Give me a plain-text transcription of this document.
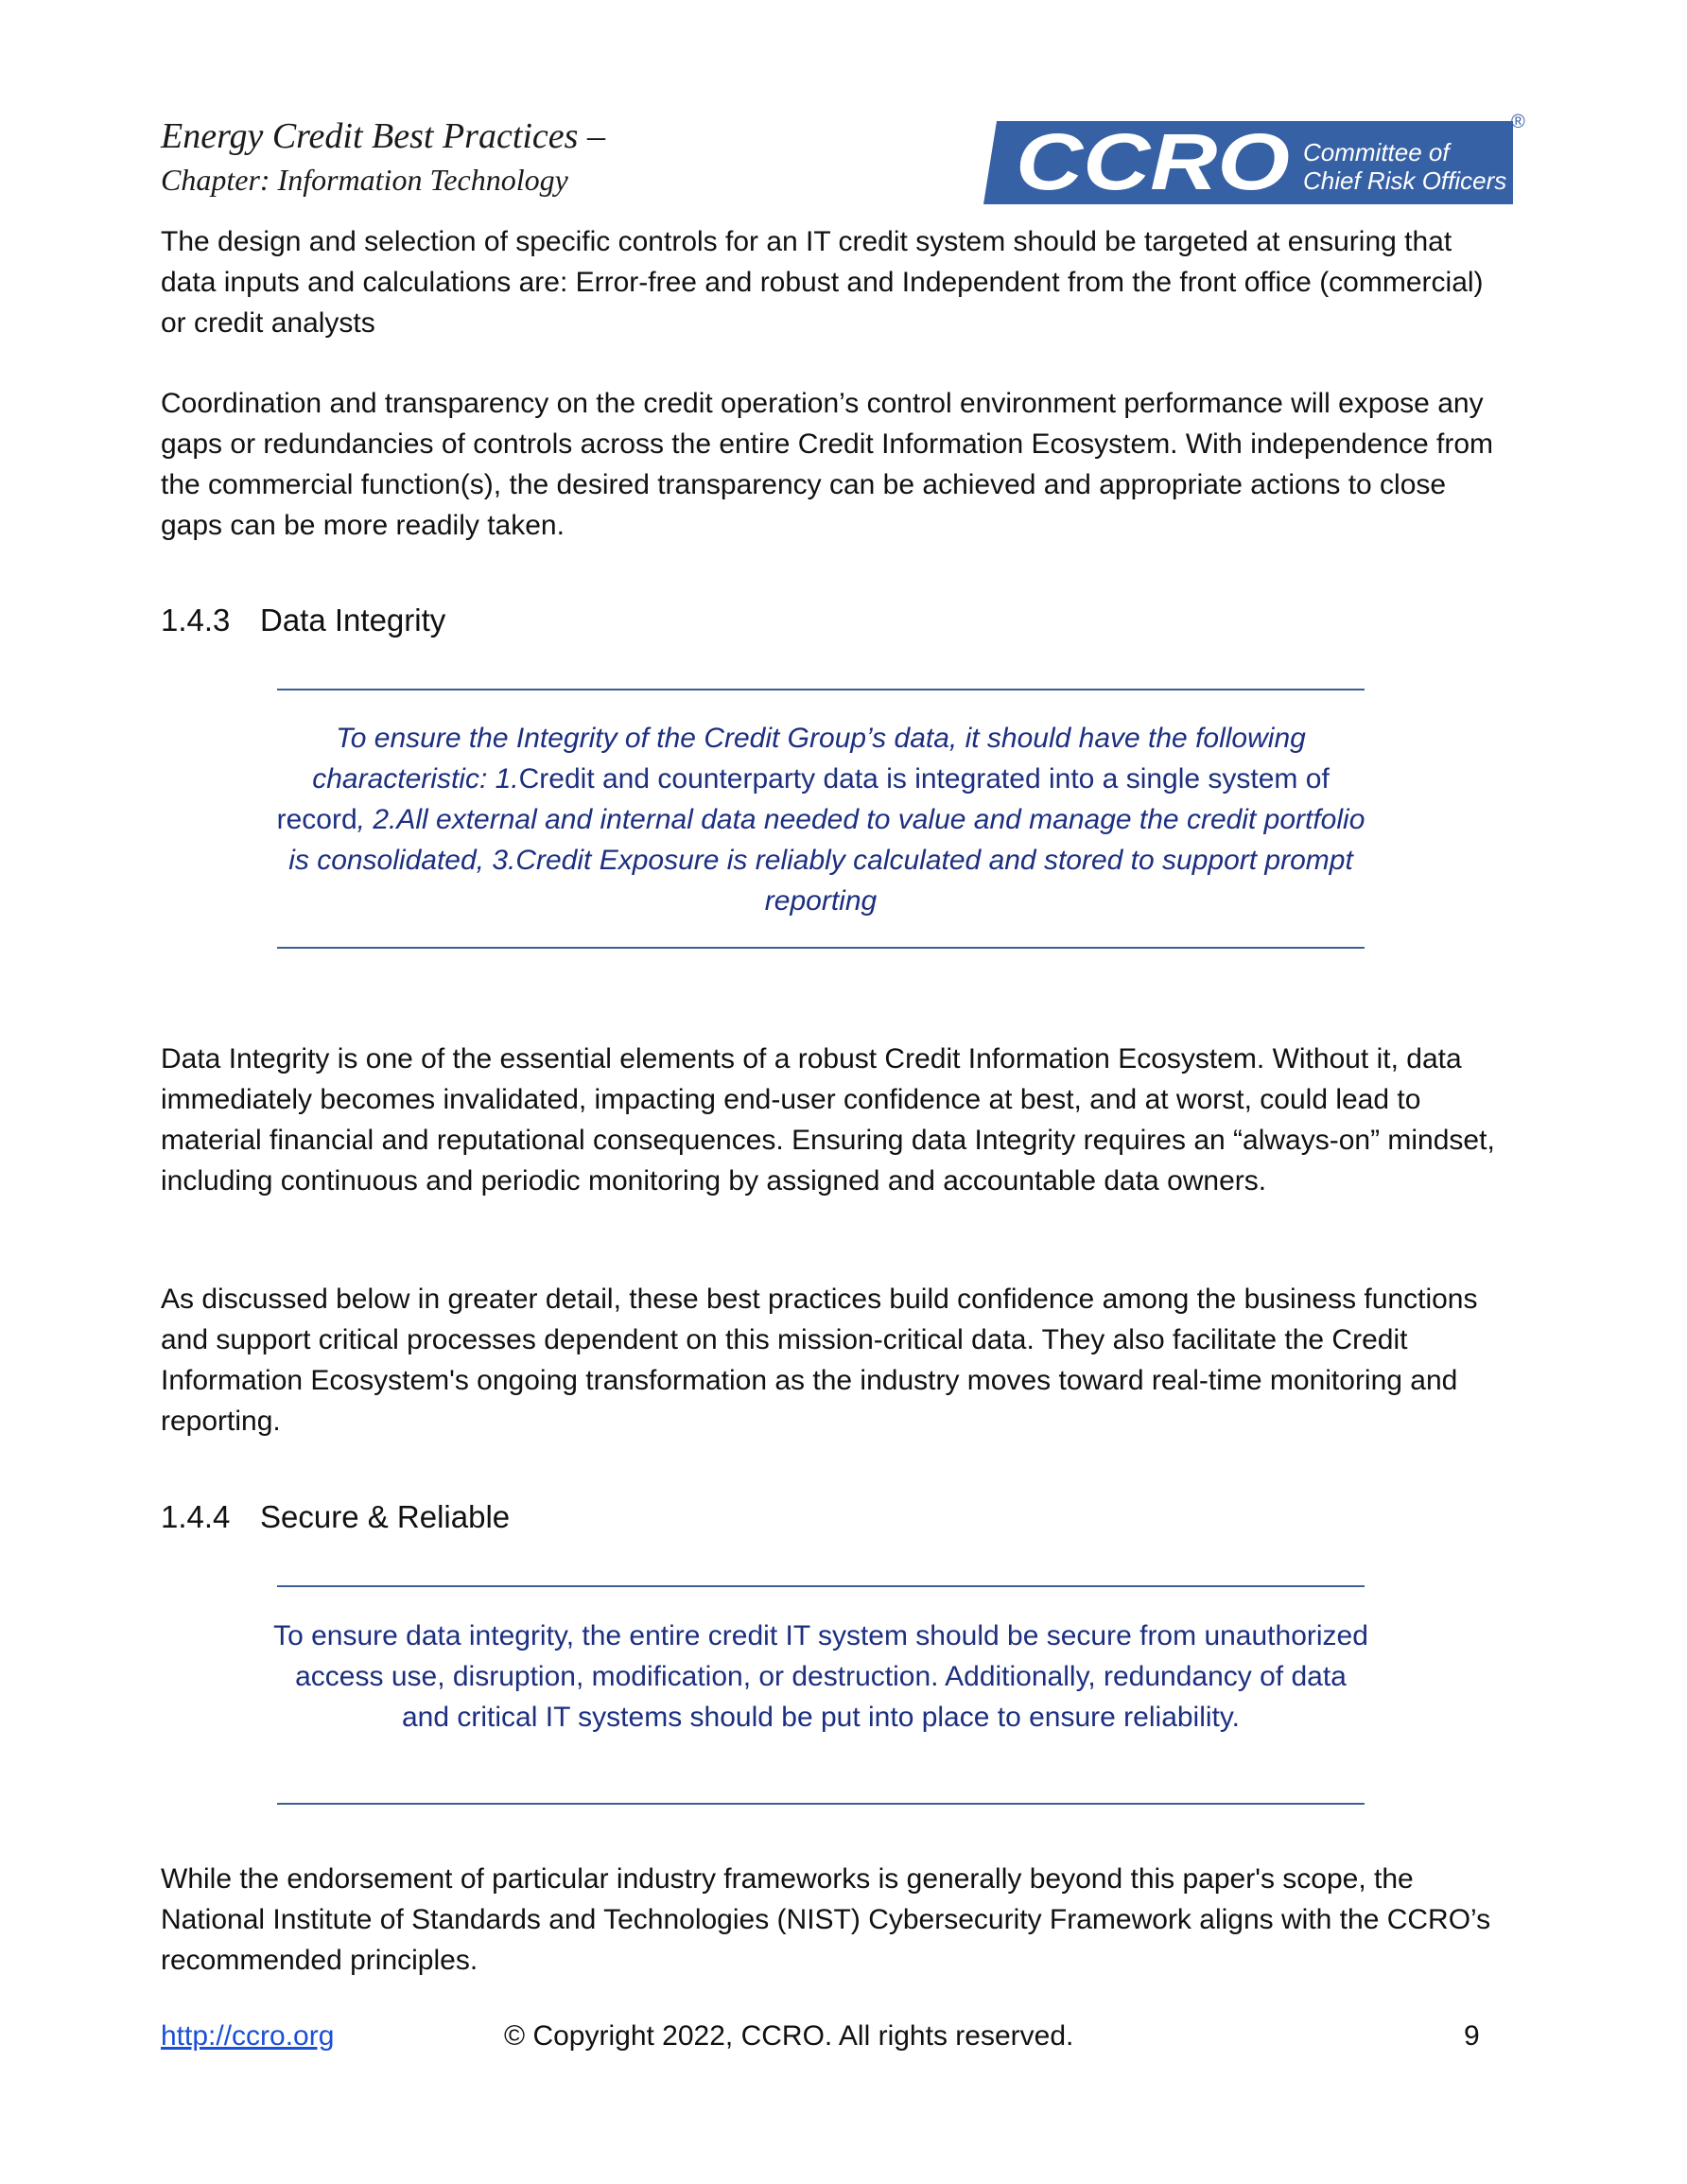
Energy Credit Best Practices –

Chapter: Information Technology	CCRO Committee of
Chief Risk Officers
®

The design and selection of specific controls for an IT credit system should be targeted at ensuring that data inputs and calculations are: Error-free and robust and Independent from the front office (commercial) or credit analysts

Coordination and transparency on the credit operation’s control environment performance will expose any gaps or redundancies of controls across the entire Credit Information Ecosystem. With independence from the commercial function(s), the desired transparency can be achieved and appropriate actions to close gaps can be more readily taken.

1.4.3 Data Integrity

To ensure the Integrity of the Credit Group’s data, it should have the following characteristic: 1.Credit and counterparty data is integrated into a single system of record, 2.All external and internal data needed to value and manage the credit portfolio is consolidated, 3.Credit Exposure is reliably calculated and stored to support prompt reporting

Data Integrity is one of the essential elements of a robust Credit Information Ecosystem. Without it, data immediately becomes invalidated, impacting end-user confidence at best, and at worst, could lead to material financial and reputational consequences. Ensuring data Integrity requires an “always-on” mindset, including continuous and periodic monitoring by assigned and accountable data owners.

As discussed below in greater detail, these best practices build confidence among the business functions and support critical processes dependent on this mission-critical data. They also facilitate the Credit Information Ecosystem's ongoing transformation as the industry moves toward real-time monitoring and reporting.

1.4.4 Secure & Reliable

To ensure data integrity, the entire credit IT system should be secure from unauthorized access use, disruption, modification, or destruction. Additionally, redundancy of data and critical IT systems should be put into place to ensure reliability.

While the endorsement of particular industry frameworks is generally beyond this paper's scope, the National Institute of Standards and Technologies (NIST) Cybersecurity Framework aligns with the CCRO’s recommended principles.

http://ccro.org	© Copyright 2022, CCRO. All rights reserved.	9
